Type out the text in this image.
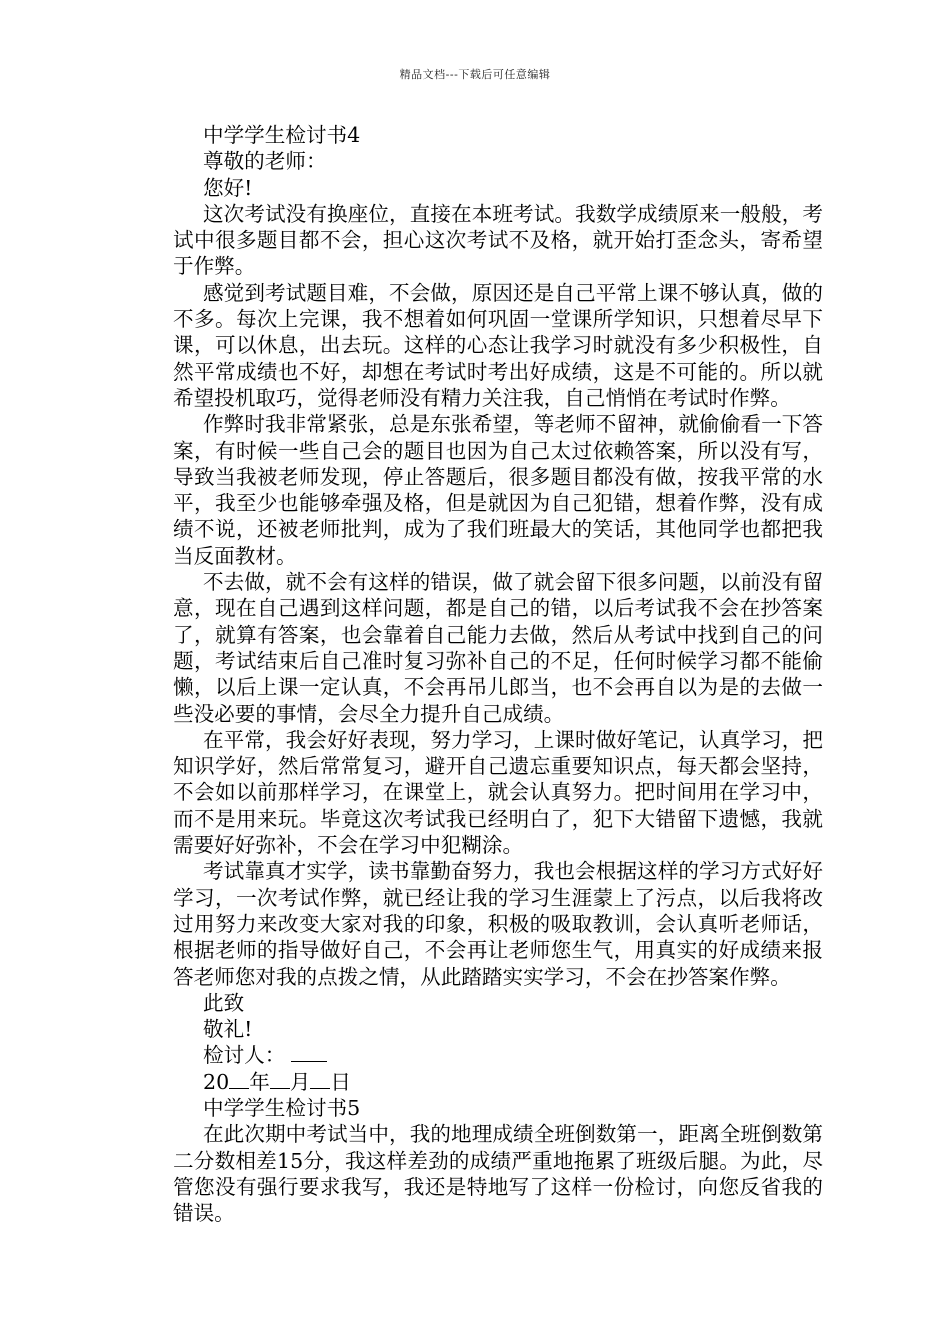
精品文档---下载后可任意编辑
中学学生检讨书4
尊敬的老师：
您好!

这次考试没有换座位，直接在本班考试。我数学成绩原来一般般，考试中很多题目都不会，担心这次考试不及格，就开始打歪念头，寄希望于作弊。

感觉到考试题目难，不会做，原因还是自己平常上课不够认真，做的不多。每次上完课，我不想着如何巩固一堂课所学知识，只想着尽早下课，可以休息，出去玩。这样的心态让我学习时就没有多少积极性，自然平常成绩也不好，却想在考试时考出好成绩，这是不可能的。所以就希望投机取巧，觉得老师没有精力关注我，自己悄悄在考试时作弊。

作弊时我非常紧张，总是东张希望，等老师不留神，就偷偷看一下答案，有时候一些自己会的题目也因为自己太过依赖答案，所以没有写，导致当我被老师发现，停止答题后，很多题目都没有做，按我平常的水平，我至少也能够牵强及格，但是就因为自己犯错，想着作弊，没有成绩不说，还被老师批判，成为了我们班最大的笑话，其他同学也都把我当反面教材。

不去做，就不会有这样的错误，做了就会留下很多问题，以前没有留意，现在自己遇到这样问题，都是自己的错，以后考试我不会在抄答案了，就算有答案，也会靠着自己能力去做，然后从考试中找到自己的问题，考试结束后自己准时复习弥补自己的不足，任何时候学习都不能偷懒，以后上课一定认真，不会再吊儿郎当，也不会再自以为是的去做一些没必要的事情，会尽全力提升自己成绩。

在平常，我会好好表现，努力学习，上课时做好笔记，认真学习，把知识学好，然后常常复习，避开自己遗忘重要知识点，每天都会坚持，不会如以前那样学习，在课堂上，就会认真努力。把时间用在学习中，而不是用来玩。毕竟这次考试我已经明白了，犯下大错留下遗憾，我就需要好好弥补，不会在学习中犯糊涂。

考试靠真才实学，读书靠勤奋努力，我也会根据这样的学习方式好好学习，一次考试作弊，就已经让我的学习生涯蒙上了污点，以后我将改过用努力来改变大家对我的印象，积极的吸取教训，会认真听老师话，根据老师的指导做好自己，不会再让老师您生气，用真实的好成绩来报答老师您对我的点拨之情，从此踏踏实实学习，不会在抄答案作弊。

此致
敬礼!
检讨人：
20 年 月 日
中学学生检讨书5

在此次期中考试当中，我的地理成绩全班倒数第一，距离全班倒数第二分数相差15分，我这样差劲的成绩严重地拖累了班级后腿。为此，尽管您没有强行要求我写，我还是特地写了这样一份检讨，向您反省我的错误。
